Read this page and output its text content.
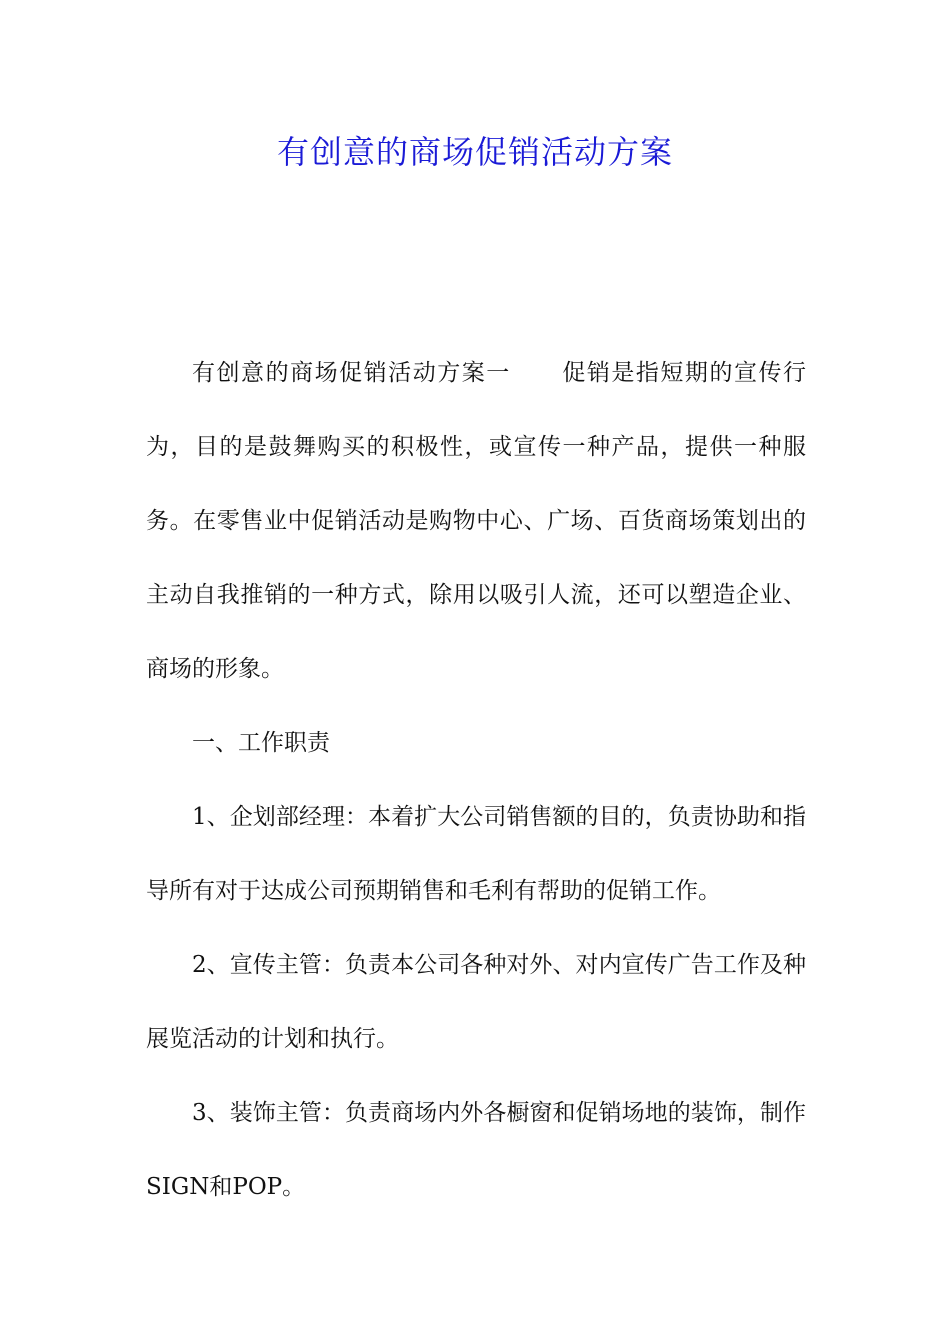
有创意的商场促销活动方案

有创意的商场促销活动方案一 促销是指短期的宣传行为，目的是鼓舞购买的积极性，或宣传一种产品，提供一种服务。在零售业中促销活动是购物中心、广场、百货商场策划出的主动自我推销的一种方式，除用以吸引人流，还可以塑造企业、商场的形象。

一、工作职责

1、企划部经理：本着扩大公司销售额的目的，负责协助和指导所有对于达成公司预期销售和毛利有帮助的促销工作。

2、宣传主管：负责本公司各种对外、对内宣传广告工作及种展览活动的计划和执行。

3、装饰主管：负责商场内外各橱窗和促销场地的装饰，制作SIGN和POP。
